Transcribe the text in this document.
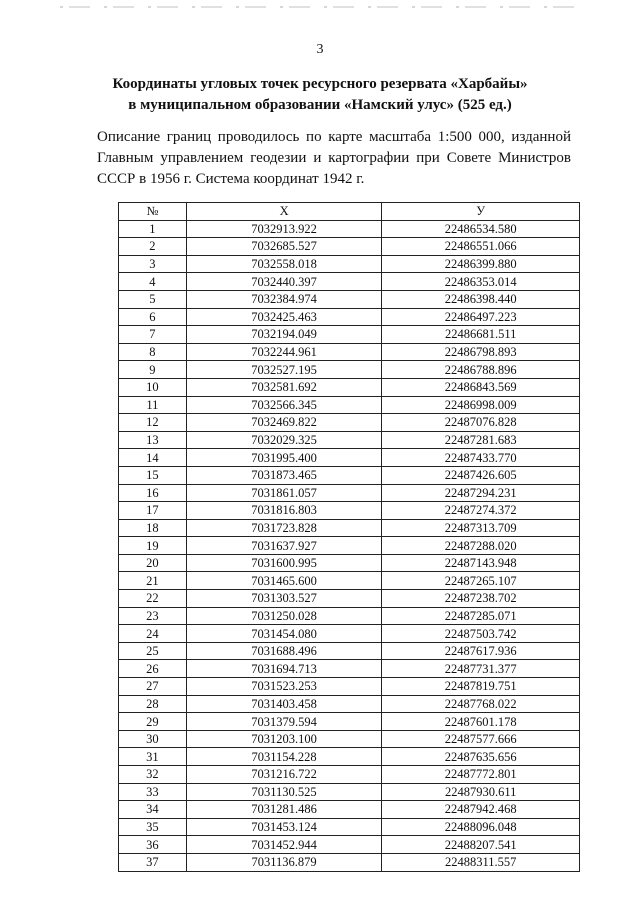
3
Координаты угловых точек ресурсного резервата «Харбайы»
в муниципальном образовании «Намский улус» (525 ед.)

Описание границ проводилось по карте масштаба 1:500 000, изданной Главным управлением геодезии и картографии при Совете Министров СССР в 1956 г. Система координат 1942 г.

№	X	У
1	7032913.922	22486534.580
2	7032685.527	22486551.066
3	7032558.018	22486399.880
4	7032440.397	22486353.014
5	7032384.974	22486398.440
6	7032425.463	22486497.223
7	7032194.049	22486681.511
8	7032244.961	22486798.893
9	7032527.195	22486788.896
10	7032581.692	22486843.569
11	7032566.345	22486998.009
12	7032469.822	22487076.828
13	7032029.325	22487281.683
14	7031995.400	22487433.770
15	7031873.465	22487426.605
16	7031861.057	22487294.231
17	7031816.803	22487274.372
18	7031723.828	22487313.709
19	7031637.927	22487288.020
20	7031600.995	22487143.948
21	7031465.600	22487265.107
22	7031303.527	22487238.702
23	7031250.028	22487285.071
24	7031454.080	22487503.742
25	7031688.496	22487617.936
26	7031694.713	22487731.377
27	7031523.253	22487819.751
28	7031403.458	22487768.022
29	7031379.594	22487601.178
30	7031203.100	22487577.666
31	7031154.228	22487635.656
32	7031216.722	22487772.801
33	7031130.525	22487930.611
34	7031281.486	22487942.468
35	7031453.124	22488096.048
36	7031452.944	22488207.541
37	7031136.879	22488311.557
